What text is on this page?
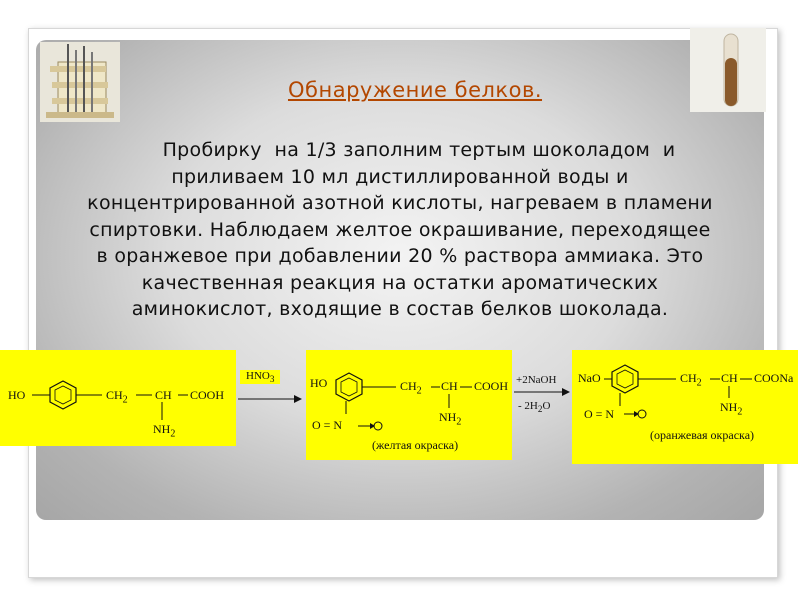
Обнаружение белков.
Пробирку  на 1/3 заполним тертым шоколадом  и
приливаем 10 мл дистиллированной воды и
концентрированной азотной кислоты, нагреваем в пламени
спиртовки. Наблюдаем желтое окрашивание, переходящее
в оранжевое при добавлении 20 % раствора аммиака. Это
качественная реакция на остатки ароматических
аминокислот, входящие в состав белков шоколада.
HO	$CH_2$ CH COOH
$NH_2$
$HNO_3$	HO	$CH_2$ CH COOH
$NH_2$
O = N
(желтая окраска)
+2NaOH
- $2H_2O$
NaO	$CH_2$ CH COONa
$NH_2$
O = N
(оранжевая окраска)
